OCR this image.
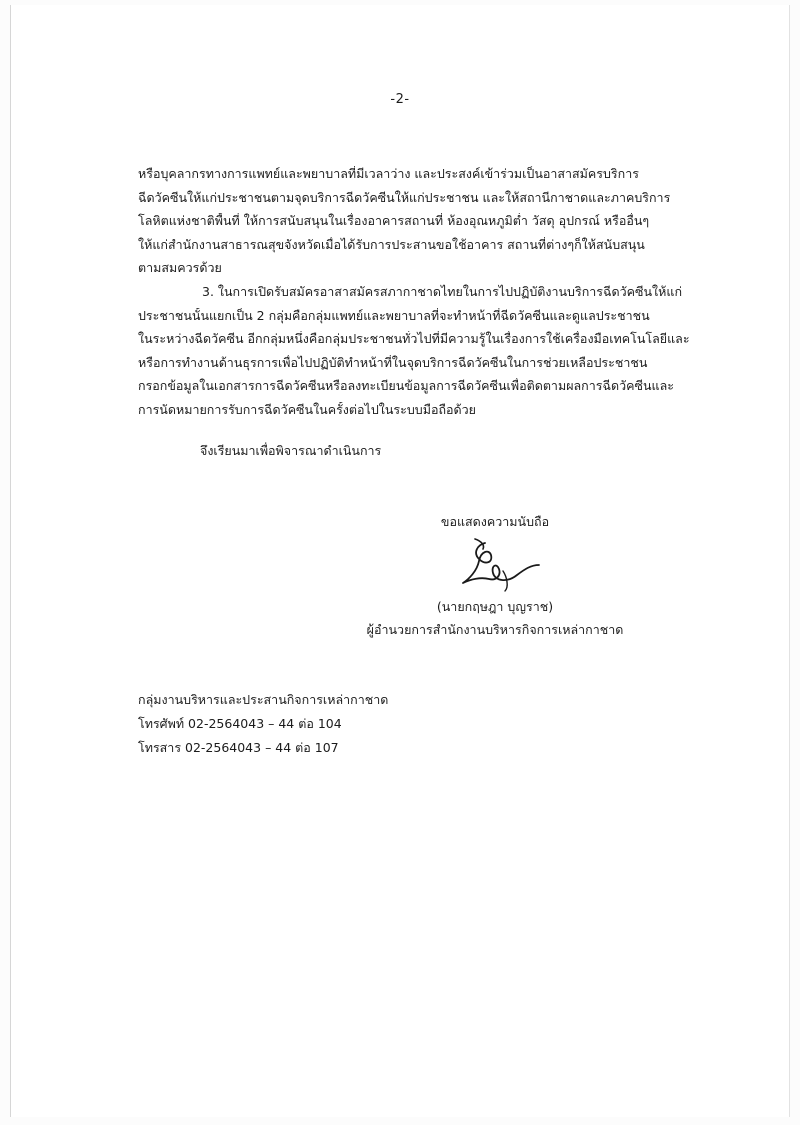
-2-
หรือบุคลากรทางการแพทย์และพยาบาลที่มีเวลาว่าง และประสงค์เข้าร่วมเป็นอาสาสมัครบริการ
ฉีดวัคซีนให้แก่ประชาชนตามจุดบริการฉีดวัคซีนให้แก่ประชาชน และให้สถานีกาชาดและภาคบริการ
โลหิตแห่งชาติพื้นที่ ให้การสนับสนุนในเรื่องอาคารสถานที่ ห้องอุณหภูมิต่ำ วัสดุ อุปกรณ์ หรืออื่นๆ
ให้แก่สำนักงานสาธารณสุขจังหวัดเมื่อได้รับการประสานขอใช้อาคาร สถานที่ต่างๆก็ให้สนับสนุน
ตามสมควรด้วย
3. ในการเปิดรับสมัครอาสาสมัครสภากาชาดไทยในการไปปฏิบัติงานบริการฉีดวัคซีนให้แก่
ประชาชนนั้นแยกเป็น 2 กลุ่มคือกลุ่มแพทย์และพยาบาลที่จะทำหน้าที่ฉีดวัคซีนและดูแลประชาชน
ในระหว่างฉีดวัคซีน อีกกลุ่มหนึ่งคือกลุ่มประชาชนทั่วไปที่มีความรู้ในเรื่องการใช้เครื่องมือเทคโนโลยีและ
หรือการทำงานด้านธุรการเพื่อไปปฏิบัติทำหน้าที่ในจุดบริการฉีดวัคซีนในการช่วยเหลือประชาชน
กรอกข้อมูลในเอกสารการฉีดวัคซีนหรือลงทะเบียนข้อมูลการฉีดวัคซีนเพื่อติดตามผลการฉีดวัคซีนและ
การนัดหมายการรับการฉีดวัคซีนในครั้งต่อไปในระบบมือถือด้วย
จึงเรียนมาเพื่อพิจารณาดำเนินการ
ขอแสดงความนับถือ
(นายกฤษฎา บุญราช)
ผู้อำนวยการสำนักงานบริหารกิจการเหล่ากาชาด
กลุ่มงานบริหารและประสานกิจการเหล่ากาชาด
โทรศัพท์ 02-2564043 – 44 ต่อ 104
โทรสาร 02-2564043 – 44 ต่อ 107
